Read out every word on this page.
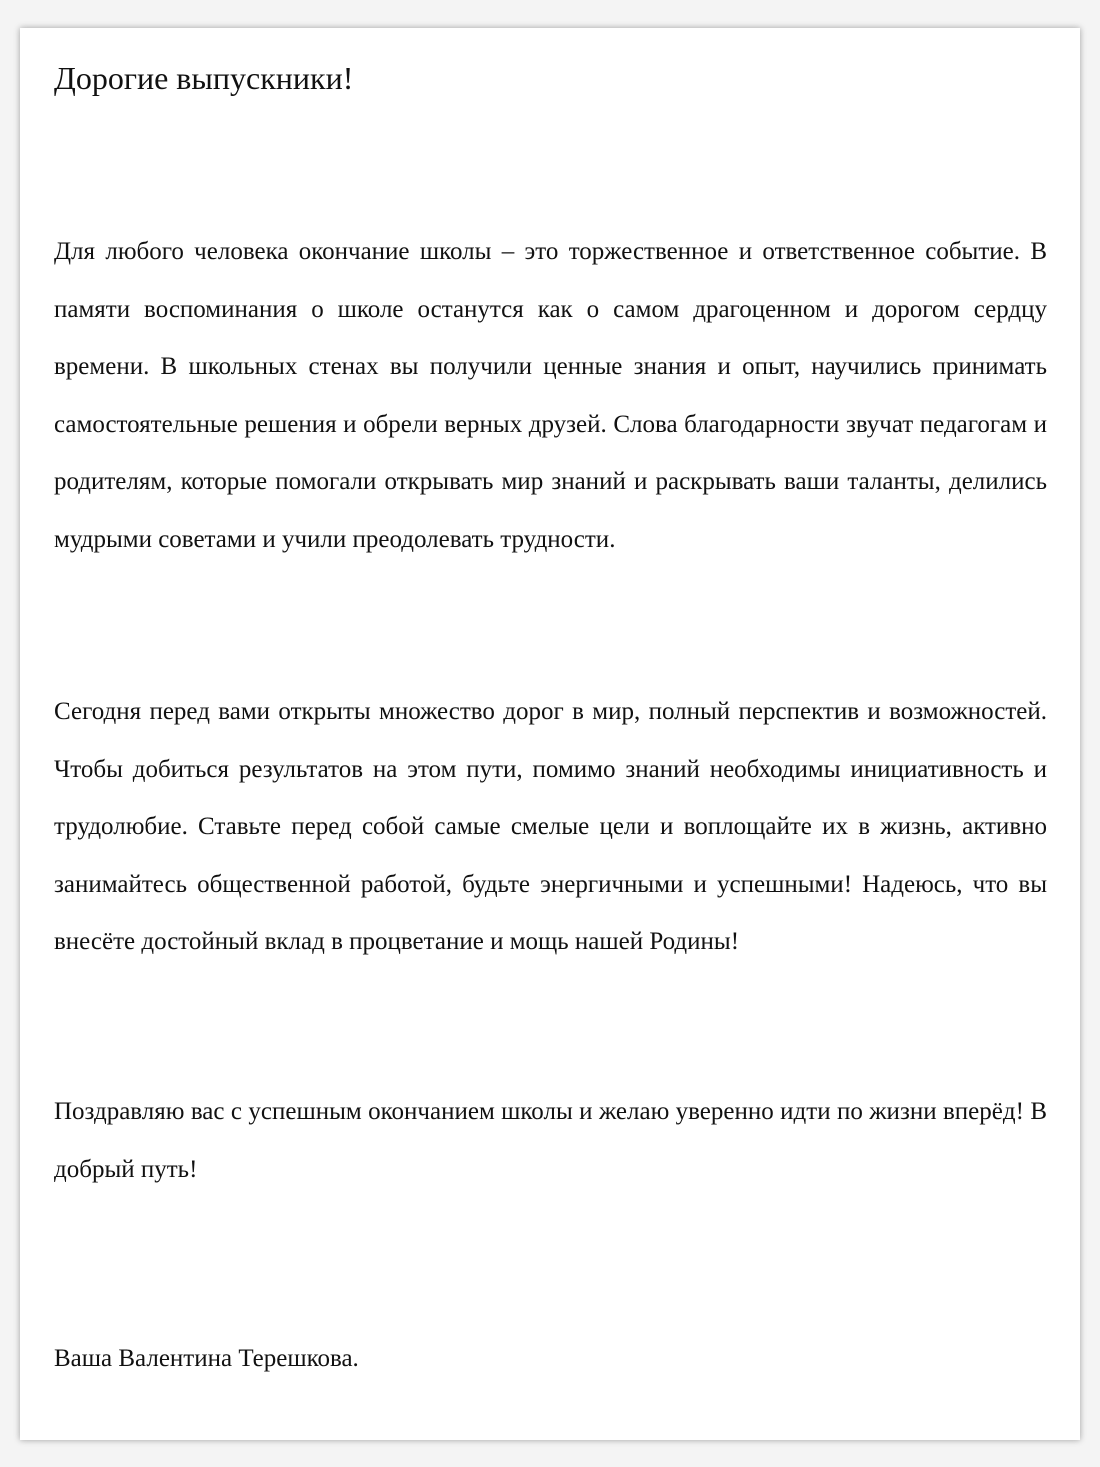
Дорогие выпускники!

Для любого человека окончание школы – это торжественное и ответственное событие. В памяти воспоминания о школе останутся как о самом драгоценном и дорогом сердцу времени. В школьных стенах вы получили ценные знания и опыт, научились принимать самостоятельные решения и обрели верных друзей. Слова благодарности звучат педагогам и родителям, которые помогали открывать мир знаний и раскрывать ваши таланты, делились мудрыми советами и учили преодолевать трудности.

Сегодня перед вами открыты множество дорог в мир, полный перспектив и возможностей. Чтобы добиться результатов на этом пути, помимо знаний необходимы инициативность и трудолюбие. Ставьте перед собой самые смелые цели и воплощайте их в жизнь, активно занимайтесь общественной работой, будьте энергичными и успешными! Надеюсь, что вы внесёте достойный вклад в процветание и мощь нашей Родины!

Поздравляю вас с успешным окончанием школы и желаю уверенно идти по жизни вперёд! В добрый путь!

Ваша Валентина Терешкова.
